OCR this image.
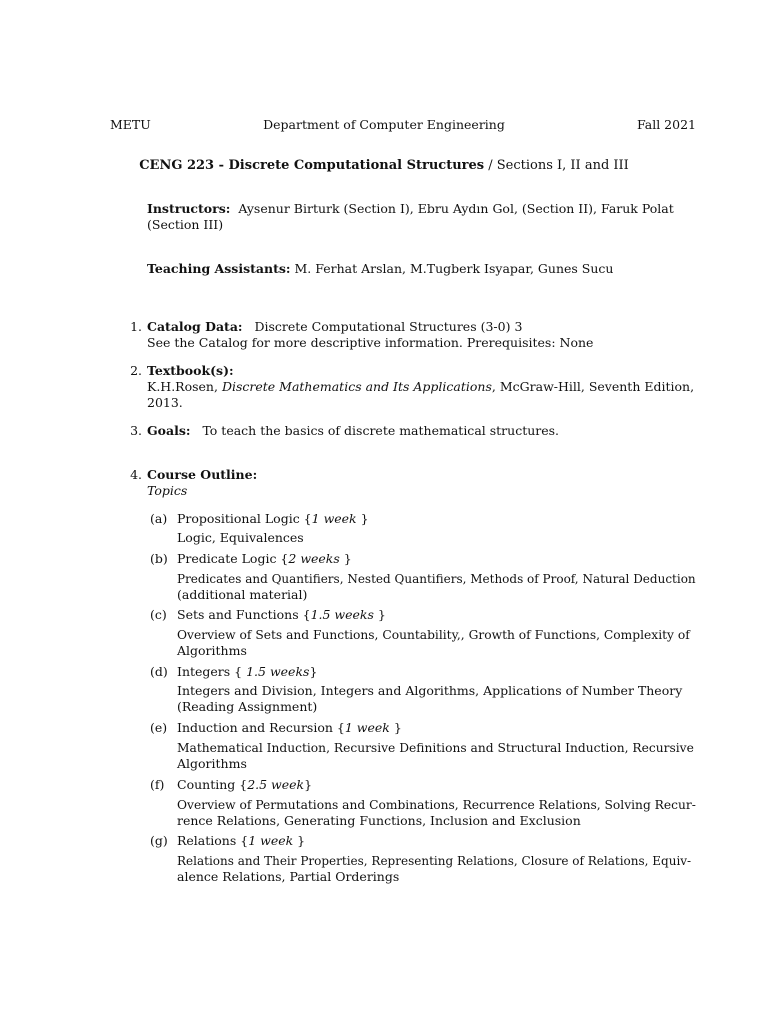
METU	Department of Computer Engineering	Fall 2021
CENG 223 - Discrete Computational Structures / Sections I, II and III
Instructors: Aysenur Birturk (Section I), Ebru Aydın Gol, (Section II), Faruk Polat
(Section III)
Teaching Assistants: M. Ferhat Arslan, M.Tugberk Isyapar, Gunes Sucu
1. Catalog Data: Discrete Computational Structures (3-0) 3
See the Catalog for more descriptive information. Prerequisites: None
2. Textbook(s):
K.H.Rosen, Discrete Mathematics and Its Applications, McGraw-Hill, Seventh Edition,
2013.
3. Goals: To teach the basics of discrete mathematical structures.
4. Course Outline:
Topics
(a) Propositional Logic {1 week }
Logic, Equivalences
(b) Predicate Logic {2 weeks }
Predicates and Quantifiers, Nested Quantifiers, Methods of Proof, Natural Deduction
(additional material)
(c) Sets and Functions {1.5 weeks }
Overview of Sets and Functions, Countability,, Growth of Functions, Complexity of
Algorithms
(d) Integers { 1.5 weeks}
Integers and Division, Integers and Algorithms, Applications of Number Theory
(Reading Assignment)
(e) Induction and Recursion {1 week }
Mathematical Induction, Recursive Definitions and Structural Induction, Recursive
Algorithms
(f)	Counting {2.5 week}
Overview of Permutations and Combinations, Recurrence Relations, Solving Recur-
rence Relations, Generating Functions, Inclusion and Exclusion
(g) Relations {1 week }
Relations and Their Properties, Representing Relations, Closure of Relations, Equiv-
alence Relations, Partial Orderings
